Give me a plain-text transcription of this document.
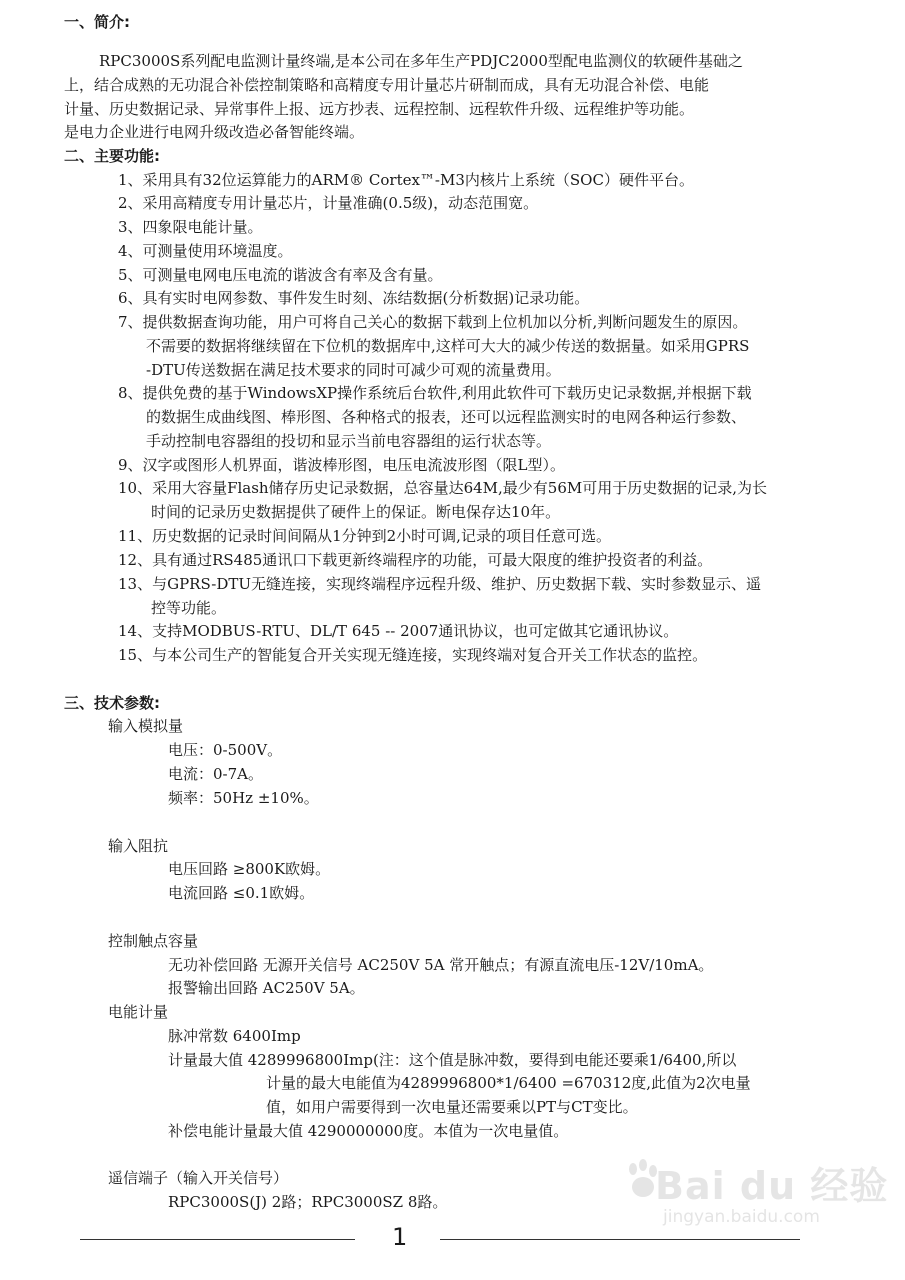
一、简介:
RPC3000S系列配电监测计量终端,是本公司在多年生产PDJC2000型配电监测仪的软硬件基础之
上，结合成熟的无功混合补偿控制策略和高精度专用计量芯片研制而成，具有无功混合补偿、电能
计量、历史数据记录、异常事件上报、远方抄表、远程控制、远程软件升级、远程维护等功能。
是电力企业进行电网升级改造必备智能终端。
二、主要功能:
1、采用具有32位运算能力的ARM® Cortex™-M3内核片上系统（SOC）硬件平台。
2、采用高精度专用计量芯片，计量准确(0.5级)，动态范围宽。
3、四象限电能计量。
4、可测量使用环境温度。
5、可测量电网电压电流的谐波含有率及含有量。
6、具有实时电网参数、事件发生时刻、冻结数据(分析数据)记录功能。
7、提供数据查询功能，用户可将自己关心的数据下载到上位机加以分析,判断问题发生的原因。
不需要的数据将继续留在下位机的数据库中,这样可大大的减少传送的数据量。如采用GPRS
-DTU传送数据在满足技术要求的同时可减少可观的流量费用。
8、提供免费的基于WindowsXP操作系统后台软件,利用此软件可下载历史记录数据,并根据下载
的数据生成曲线图、棒形图、各种格式的报表，还可以远程监测实时的电网各种运行参数、
手动控制电容器组的投切和显示当前电容器组的运行状态等。
9、汉字或图形人机界面，谐波棒形图，电压电流波形图（限L型）。
10、采用大容量Flash储存历史记录数据，总容量达64M,最少有56M可用于历史数据的记录,为长
时间的记录历史数据提供了硬件上的保证。断电保存达10年。
11、历史数据的记录时间间隔从1分钟到2小时可调,记录的项目任意可选。
12、具有通过RS485通讯口下载更新终端程序的功能，可最大限度的维护投资者的利益。
13、与GPRS-DTU无缝连接，实现终端程序远程升级、维护、历史数据下载、实时参数显示、遥
控等功能。
14、支持MODBUS-RTU、DL/T 645 -- 2007通讯协议，也可定做其它通讯协议。
15、与本公司生产的智能复合开关实现无缝连接，实现终端对复合开关工作状态的监控。
三、技术参数:
输入模拟量
电压：0-500V。
电流：0-7A。
频率：50Hz ±10%。
输入阻抗
电压回路 ≥800K欧姆。
电流回路 ≤0.1欧姆。
控制触点容量
无功补偿回路 无源开关信号 AC250V 5A 常开触点；有源直流电压-12V/10mA。
报警输出回路 AC250V 5A。
电能计量
脉冲常数 6400Imp
计量最大值 4289996800Imp(注：这个值是脉冲数，要得到电能还要乘1/6400,所以
计量的最大电能值为4289996800*1/6400 =670312度,此值为2次电量
值，如用户需要得到一次电量还需要乘以PT与CT变比。
补偿电能计量最大值 4290000000度。本值为一次电量值。
遥信端子（输入开关信号）
RPC3000S(J) 2路；RPC3000SZ 8路。
1
Bai du 经验
jingyan.baidu.com
